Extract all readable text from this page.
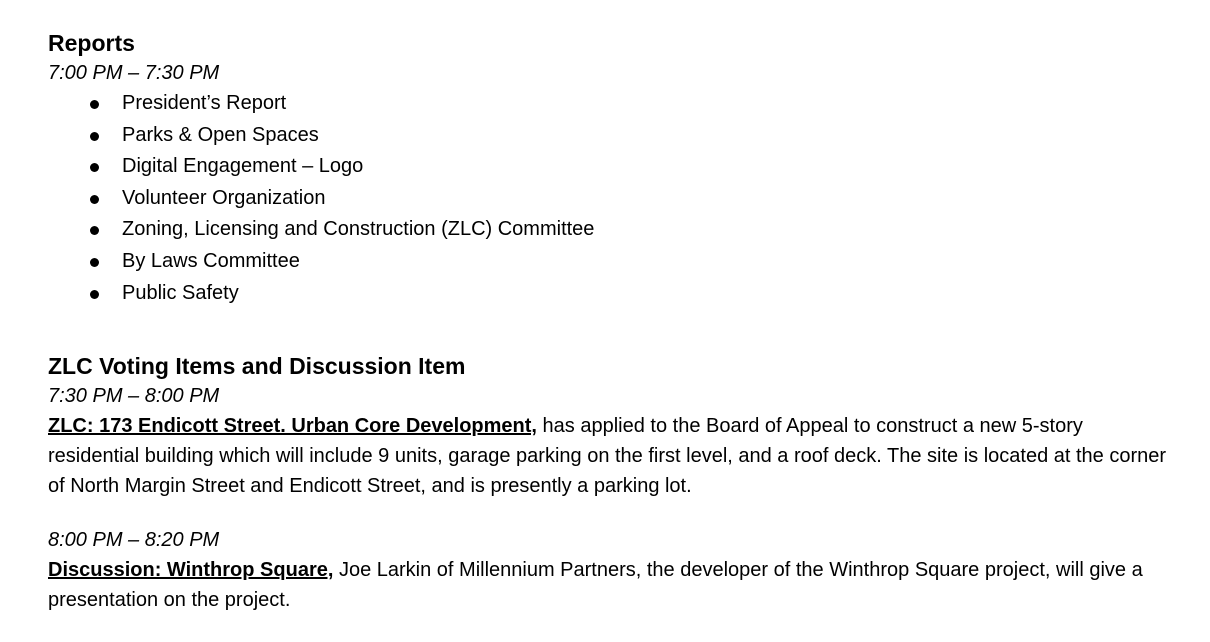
Reports

7:00 PM – 7:30 PM

President’s Report
Parks & Open Spaces
Digital Engagement – Logo
Volunteer Organization
Zoning, Licensing and Construction (ZLC) Committee
By Laws Committee
Public Safety
ZLC Voting Items and Discussion Item

7:30 PM – 8:00 PM

ZLC: 173 Endicott Street. Urban Core Development, has applied to the Board of Appeal to construct a new 5-story residential building which will include 9 units, garage parking on the first level, and a roof deck. The site is located at the corner of North Margin Street and Endicott Street, and is presently a parking lot.

8:00 PM – 8:20 PM

Discussion: Winthrop Square, Joe Larkin of Millennium Partners, the developer of the Winthrop Square project, will give a presentation on the project.
